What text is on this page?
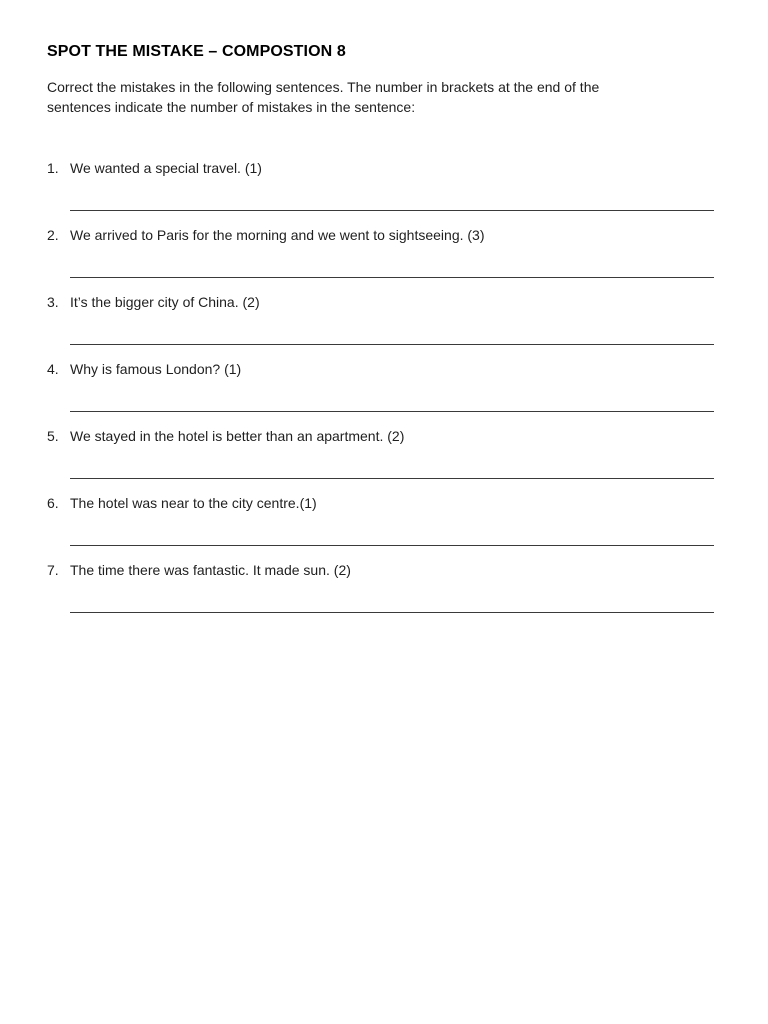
SPOT THE MISTAKE – COMPOSTION 8
Correct the mistakes in the following sentences. The number in brackets at the end of the
sentences indicate the number of mistakes in the sentence:
1. We wanted a special travel. (1)
2. We arrived to Paris for the morning and we went to sightseeing. (3)
3. It’s the bigger city of China. (2)
4. Why is famous London? (1)
5. We stayed in the hotel is better than an apartment. (2)
6. The hotel was near to the city centre.(1)
7. The time there was fantastic. It made sun. (2)
